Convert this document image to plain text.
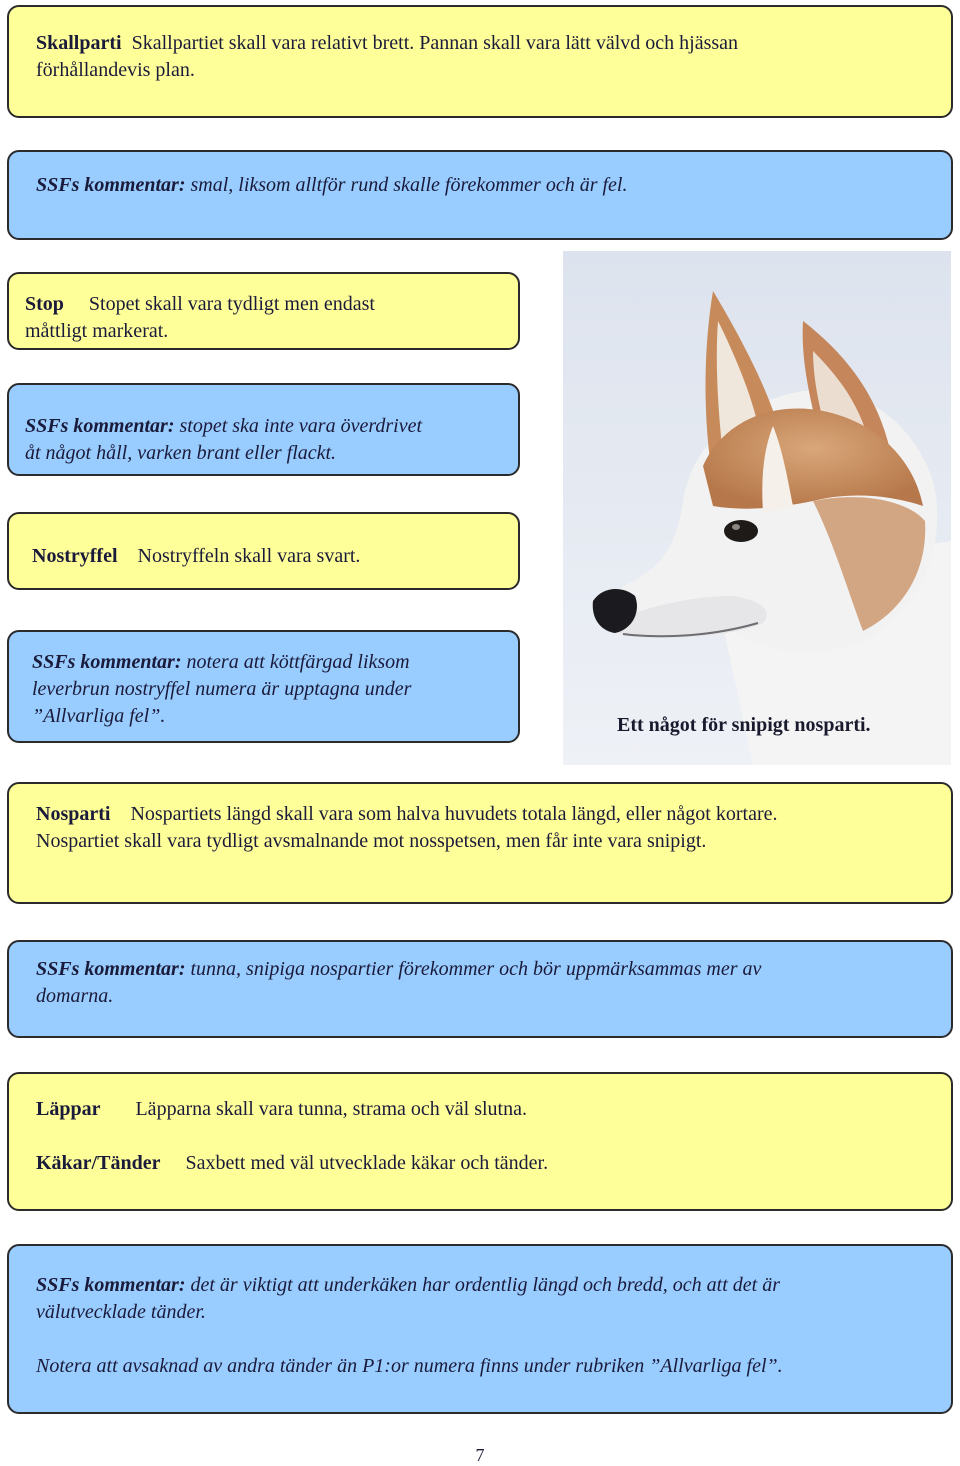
Skallparti Skallpartiet skall vara relativt brett. Pannan skall vara lätt välvd och hjässan
förhållandevis plan.
SSFs kommentar: smal, liksom alltför rund skalle förekommer och är fel.
Stop Stopet skall vara tydligt men endast
måttligt markerat.
SSFs kommentar: stopet ska inte vara överdrivet
åt något håll, varken brant eller flackt.
Nostryffel Nostryffeln skall vara svart.
SSFs kommentar: notera att köttfärgad liksom
leverbrun nostryffel numera är upptagna under
”Allvarliga fel”.	Ett något för snipigt nosparti.
Nosparti Nospartiets längd skall vara som halva huvudets totala längd, eller något kortare.
Nospartiet skall vara tydligt avsmalnande mot nosspetsen, men får inte vara snipigt.
SSFs kommentar: tunna, snipiga nospartier förekommer och bör uppmärksammas mer av
domarna.
Läppar Läpparna skall vara tunna, strama och väl slutna.
Käkar/Tänder Saxbett med väl utvecklade käkar och tänder.
SSFs kommentar: det är viktigt att underkäken har ordentlig längd och bredd, och att det är
välutvecklade tänder.
Notera att avsaknad av andra tänder än P1:or numera finns under rubriken ”Allvarliga fel”.
7
